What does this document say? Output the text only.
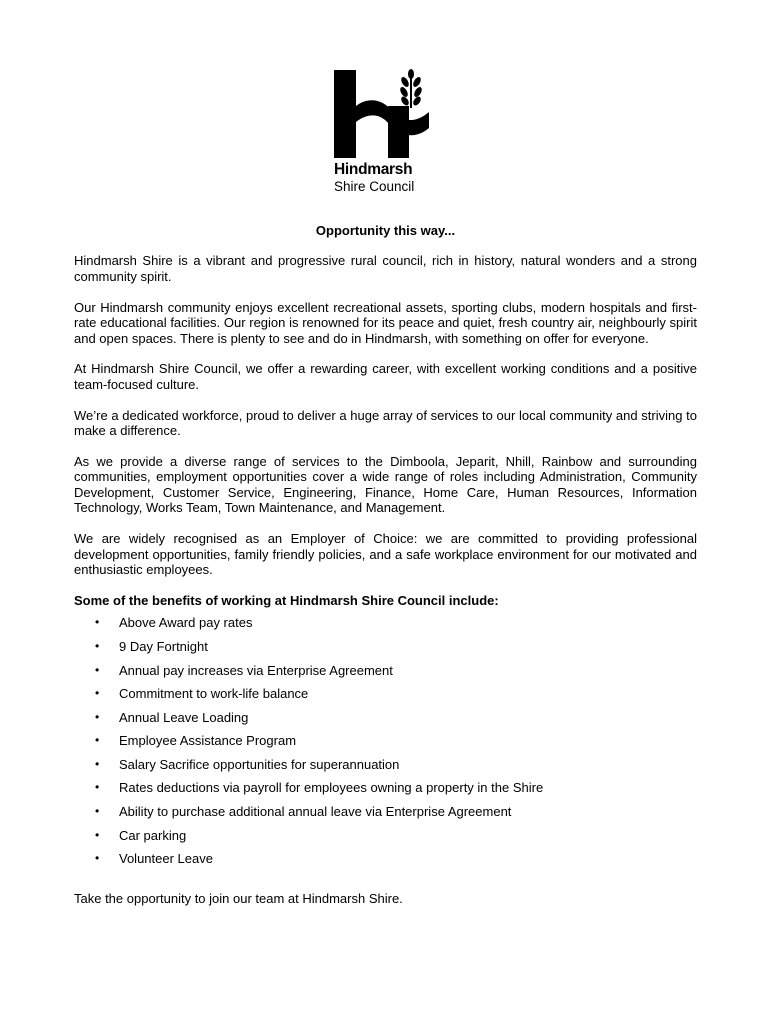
Hindmarsh
Shire Council
Opportunity this way...

Hindmarsh Shire is a vibrant and progressive rural council, rich in history, natural wonders and a strong community spirit.

Our Hindmarsh community enjoys excellent recreational assets, sporting clubs, modern hospitals and first-rate educational facilities. Our region is renowned for its peace and quiet, fresh country air, neighbourly spirit and open spaces. There is plenty to see and do in Hindmarsh, with something on offer for everyone.

At Hindmarsh Shire Council, we offer a rewarding career, with excellent working conditions and a positive team-focused culture.

We’re a dedicated workforce, proud to deliver a huge array of services to our local community and striving to make a difference.

As we provide a diverse range of services to the Dimboola, Jeparit, Nhill, Rainbow and surrounding communities, employment opportunities cover a wide range of roles including Administration, Community Development, Customer Service, Engineering, Finance, Home Care, Human Resources, Information Technology, Works Team, Town Maintenance, and Management.

We are widely recognised as an Employer of Choice: we are committed to providing professional development opportunities, family friendly policies, and a safe workplace environment for our motivated and enthusiastic employees.

Some of the benefits of working at Hindmarsh Shire Council include:
• Above Award pay rates
• 9 Day Fortnight
• Annual pay increases via Enterprise Agreement
• Commitment to work-life balance
• Annual Leave Loading
• Employee Assistance Program
• Salary Sacrifice opportunities for superannuation
• Rates deductions via payroll for employees owning a property in the Shire
• Ability to purchase additional annual leave via Enterprise Agreement
• Car parking
• Volunteer Leave

Take the opportunity to join our team at Hindmarsh Shire.
